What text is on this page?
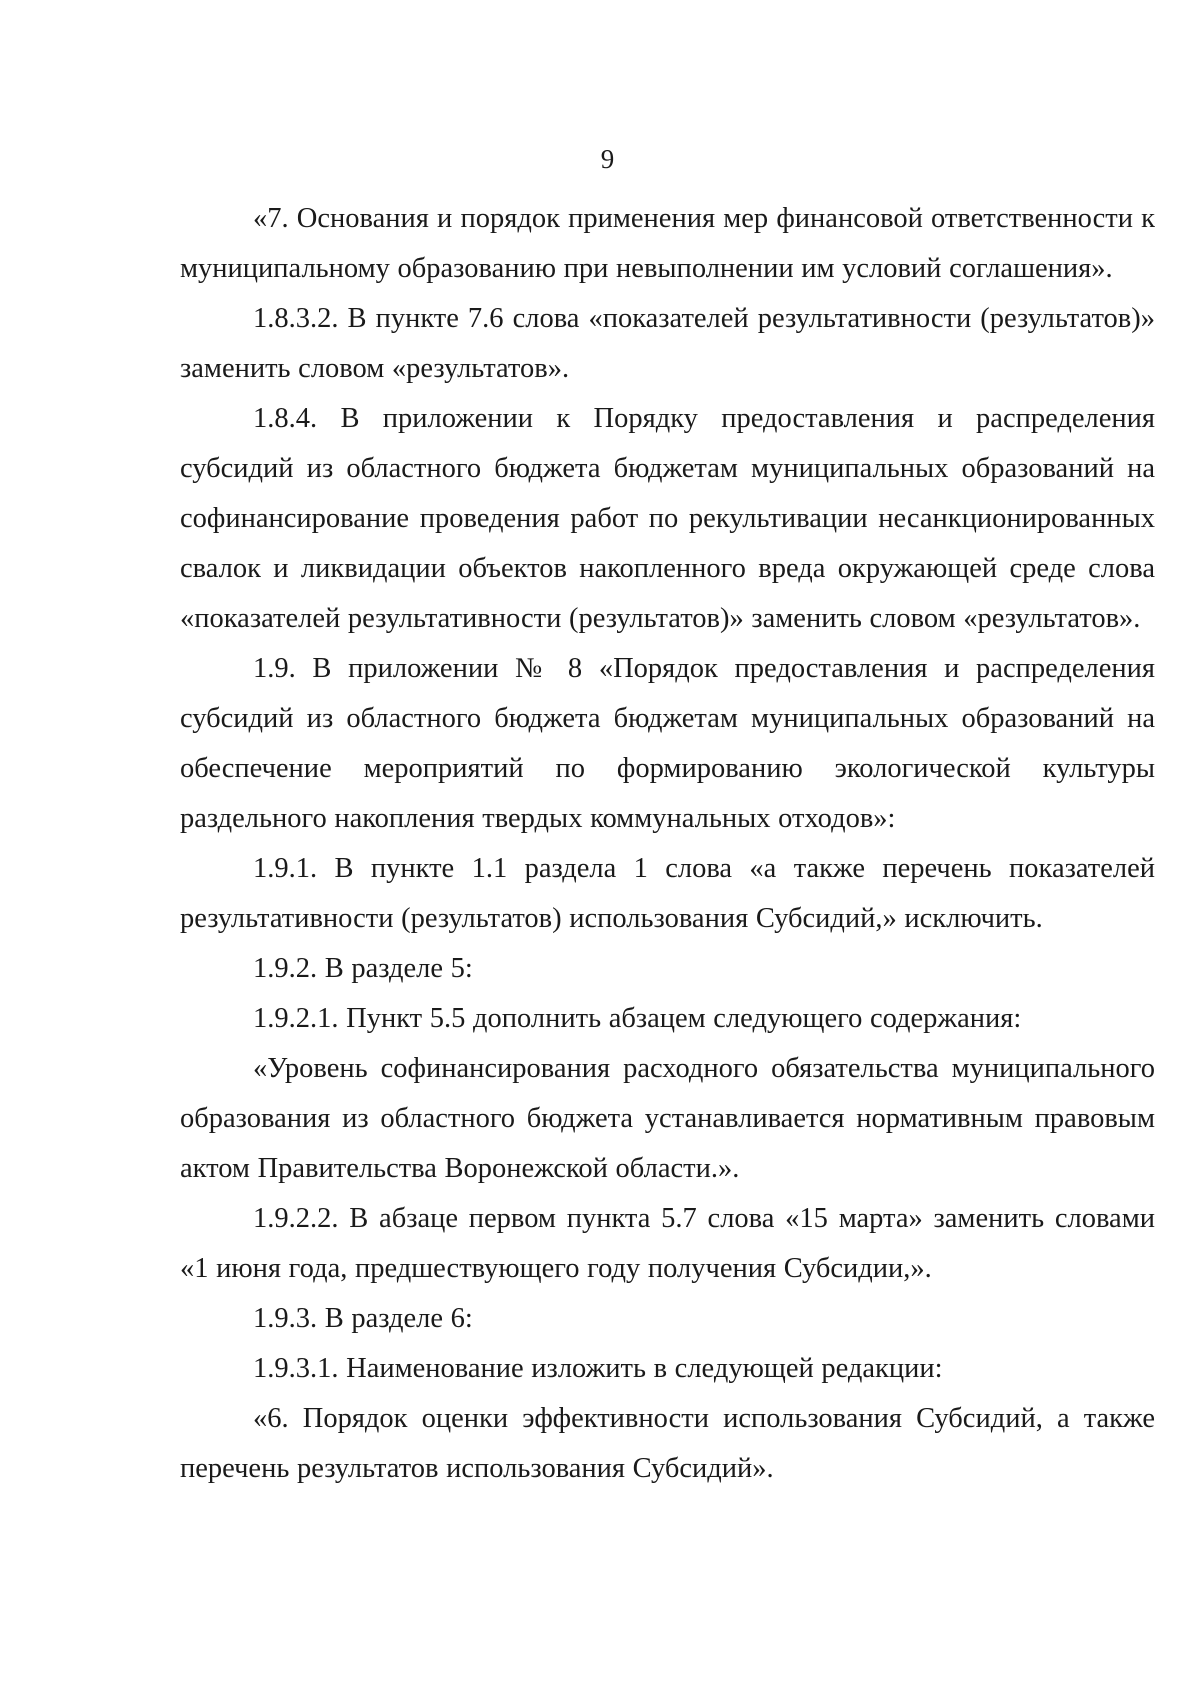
9

«7. Основания и порядок применения мер финансовой ответственности к муниципальному образованию при невыполнении им условий соглашения».

1.8.3.2. В пункте 7.6 слова «показателей результативности (результатов)» заменить словом «результатов».

1.8.4. В приложении к Порядку предоставления и распределения субсидий из областного бюджета бюджетам муниципальных образований на софинансирование проведения работ по рекультивации несанкционированных свалок и ликвидации объектов накопленного вреда окружающей среде слова «показателей результативности (результатов)» заменить словом «результатов».

1.9. В приложении № 8 «Порядок предоставления и распределения субсидий из областного бюджета бюджетам муниципальных образований на обеспечение мероприятий по формированию экологической культуры раздельного накопления твердых коммунальных отходов»:

1.9.1. В пункте 1.1 раздела 1 слова «а также перечень показателей результативности (результатов) использования Субсидий,» исключить.

1.9.2. В разделе 5:

1.9.2.1. Пункт 5.5 дополнить абзацем следующего содержания:

«Уровень софинансирования расходного обязательства муниципального образования из областного бюджета устанавливается нормативным правовым актом Правительства Воронежской области.».

1.9.2.2. В абзаце первом пункта 5.7 слова «15 марта» заменить словами «1 июня года, предшествующего году получения Субсидии,».

1.9.3. В разделе 6:

1.9.3.1. Наименование изложить в следующей редакции:

«6. Порядок оценки эффективности использования Субсидий, а также перечень результатов использования Субсидий».
